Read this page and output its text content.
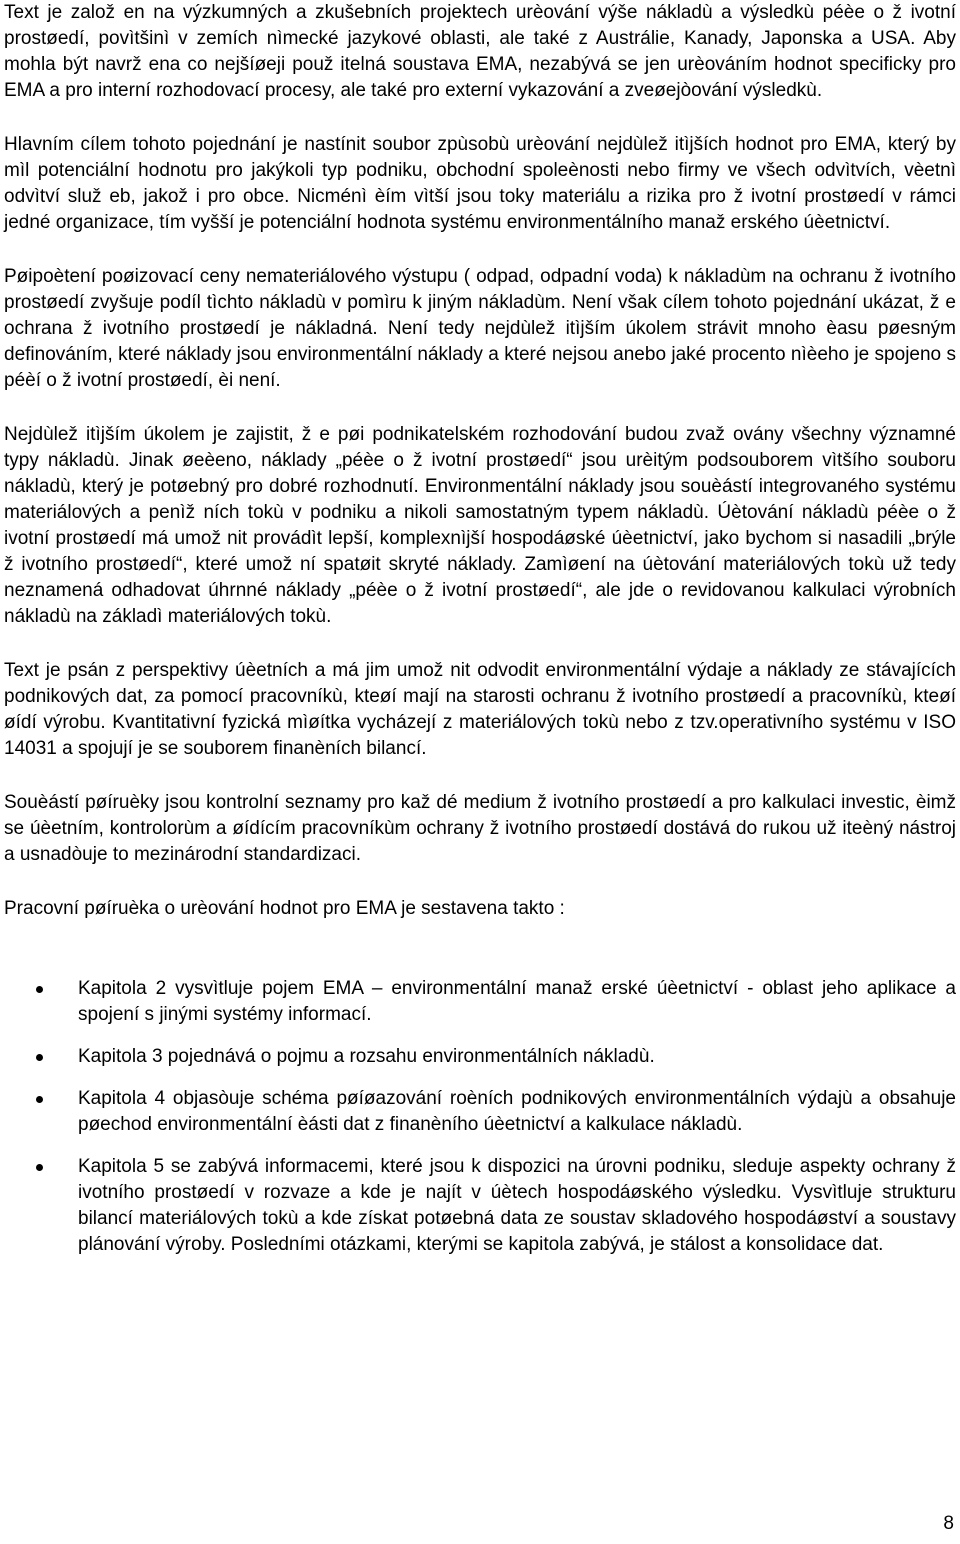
Text je založ en na výzkumných a zkušebních projektech urèování výše nákladù a výsledkù péèe o ž ivotní prostøedí, povìtšinì v zemích nìmecké jazykové oblasti, ale také z Austrálie, Kanady, Japonska a USA. Aby mohla být navrž ena co nejšíøeji použ itelná soustava EMA, nezabývá se jen urèováním hodnot specificky pro EMA a pro interní rozhodovací procesy, ale také pro externí vykazování a zveøejòování výsledkù.

Hlavním cílem tohoto pojednání je nastínit soubor zpùsobù urèování nejdùlež itìjších hodnot pro EMA, který by mìl potenciální hodnotu pro jakýkoli typ podniku, obchodní spoleènosti nebo firmy ve všech odvìtvích, vèetnì odvìtví služ eb, jakož i pro obce. Nicménì èím vìtší jsou toky materiálu a rizika pro ž ivotní prostøedí v rámci jedné organizace, tím vyšší je potenciální hodnota systému environmentálního manaž erského úèetnictví.

Pøipoètení poøizovací ceny nemateriálového výstupu ( odpad, odpadní voda) k nákladùm na ochranu ž ivotního prostøedí zvyšuje podíl tìchto nákladù v pomìru k jiným nákladùm. Není však cílem tohoto pojednání ukázat, ž e ochrana ž ivotního prostøedí je nákladná. Není tedy nejdùlež itìjším úkolem strávit mnoho èasu pøesným definováním, které náklady jsou environmentální náklady a které nejsou anebo jaké procento nìèeho je spojeno s péèí o ž ivotní prostøedí, èi není.

Nejdùlež itìjším úkolem je zajistit, ž e pøi podnikatelském rozhodování budou zvaž ovány všechny významné typy nákladù. Jinak øeèeno, náklady „péèe o ž ivotní prostøedí“ jsou urèitým podsouborem vìtšího souboru nákladù, který je potøebný pro dobré rozhodnutí. Environmentální náklady jsou souèástí integrovaného systému materiálových a penìž ních tokù v podniku a nikoli samostatným typem nákladù. Úètování nákladù péèe o ž ivotní prostøedí má umož nit provádìt lepší, komplexnìjší hospodáøské úèetnictví, jako bychom si nasadili „brýle ž ivotního prostøedí“, které umož ní spatøit skryté náklady. Zamìøení na úètování materiálových tokù už tedy neznamená odhadovat úhrnné náklady „péèe o ž ivotní prostøedí“, ale jde o revidovanou kalkulaci výrobních nákladù na základì materiálových tokù.

Text je psán z perspektivy úèetních a má jim umož nit odvodit environmentální výdaje a náklady ze stávajících podnikových dat, za pomocí pracovníkù, kteøí mají na starosti ochranu ž ivotního prostøedí a pracovníkù, kteøí øídí výrobu. Kvantitativní fyzická mìøítka vycházejí z materiálových tokù nebo z tzv.operativního systému v ISO 14031 a spojují je se souborem finanèních bilancí.

Souèástí pøíruèky jsou kontrolní seznamy pro kaž dé medium ž ivotního prostøedí a pro kalkulaci investic, èimž se úèetním, kontrolorùm a øídícím pracovníkùm ochrany ž ivotního prostøedí dostává do rukou už iteèný nástroj a usnadòuje to mezinárodní standardizaci.

Pracovní pøíruèka o urèování hodnot pro EMA je sestavena takto :

Kapitola 2 vysvìtluje pojem EMA – environmentální manaž erské úèetnictví - oblast jeho aplikace a spojení s jinými systémy informací.
Kapitola 3 pojednává o pojmu a rozsahu environmentálních nákladù.
Kapitola 4 objasòuje schéma pøíøazování roèních podnikových environmentálních výdajù a obsahuje pøechod environmentální èásti dat z finanèního úèetnictví a kalkulace nákladù.
Kapitola 5 se zabývá informacemi, které jsou k dispozici na úrovni podniku, sleduje aspekty ochrany ž ivotního prostøedí v rozvaze a kde je najít v úètech hospodáøského výsledku. Vysvìtluje strukturu bilancí materiálových tokù a kde získat potøebná data ze soustav skladového hospodáøství a soustavy plánování výroby. Posledními otázkami, kterými se kapitola zabývá, je stálost a konsolidace dat.
8
